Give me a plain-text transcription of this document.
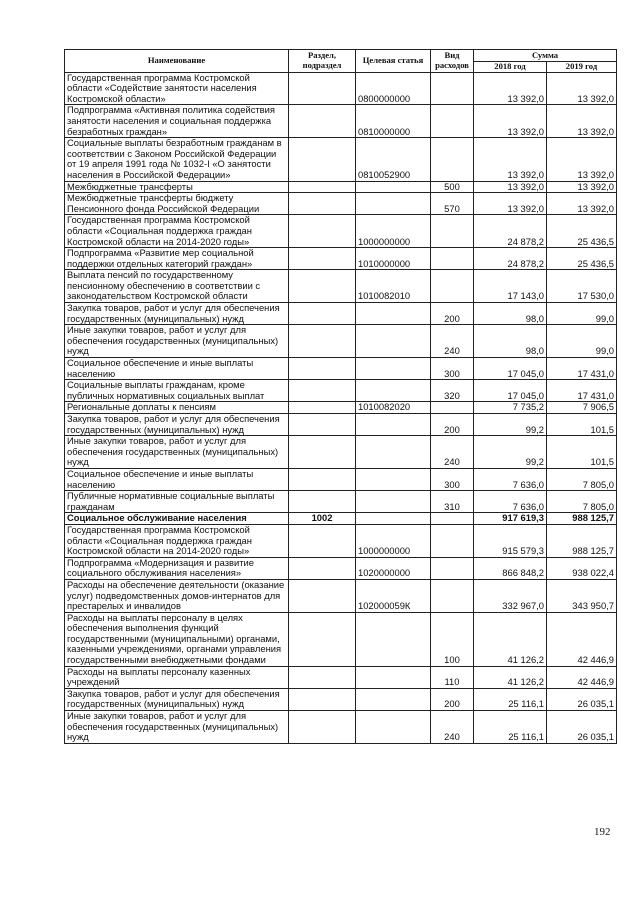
Наименование	Раздел, подраздел	Целевая статья	Вид расходов	Сумма	
				2018 год	2019 год
Государственная программа Костромской области «Содействие занятости населения Костромской области»		0800000000		13 392,0	13 392,0
Подпрограмма «Активная политика содействия занятости населения и социальная поддержка безработных граждан»		0810000000		13 392,0	13 392,0
Социальные выплаты безработным гражданам в соответствии с Законом Российской Федерации от 19 апреля 1991 года № 1032-I «О занятости населения в Российской Федерации»		0810052900		13 392,0	13 392,0
Межбюджетные трансферты			500	13 392,0	13 392,0
Межбюджетные трансферты бюджету Пенсионного фонда Российской Федерации			570	13 392,0	13 392,0
Государственная программа Костромской области «Социальная поддержка граждан Костромской области на 2014-2020 годы»		1000000000		24 878,2	25 436,5
Подпрограмма «Развитие мер социальной поддержки отдельных категорий граждан»		1010000000		24 878,2	25 436,5
Выплата пенсий по государственному пенсионному обеспечению в соответствии с законодательством Костромской области		1010082010		17 143,0	17 530,0
Закупка товаров, работ и услуг для обеспечения государственных (муниципальных) нужд			200	98,0	99,0
Иные закупки товаров, работ и услуг для обеспечения государственных (муниципальных) нужд			240	98,0	99,0
Социальное обеспечение и иные выплаты населению			300	17 045,0	17 431,0
Социальные выплаты гражданам, кроме публичных нормативных социальных выплат			320	17 045,0	17 431,0
Региональные доплаты к пенсиям		1010082020		7 735,2	7 906,5
Закупка товаров, работ и услуг для обеспечения государственных (муниципальных) нужд			200	99,2	101,5
Иные закупки товаров, работ и услуг для обеспечения государственных (муниципальных) нужд			240	99,2	101,5
Социальное обеспечение и иные выплаты населению			300	7 636,0	7 805,0
Публичные нормативные социальные выплаты гражданам			310	7 636,0	7 805,0
Социальное обслуживание населения	1002			917 619,3	988 125,7
Государственная программа Костромской области «Социальная поддержка граждан Костромской области на 2014-2020 годы»		1000000000		915 579,3	988 125,7
Подпрограмма «Модернизация и развитие социального обслуживания населения»		1020000000		866 848,2	938 022,4
Расходы на обеспечение деятельности (оказание услуг) подведомственных домов-интернатов для престарелых и инвалидов		102000059К		332 967,0	343 950,7
Расходы на выплаты персоналу в целях обеспечения выполнения функций государственными (муниципальными) органами, казенными учреждениями, органами управления государственными внебюджетными фондами			100	41 126,2	42 446,9
Расходы на выплаты персоналу казенных учреждений			110	41 126,2	42 446,9
Закупка товаров, работ и услуг для обеспечения государственных (муниципальных) нужд			200	25 116,1	26 035,1
Иные закупки товаров, работ и услуг для обеспечения государственных (муниципальных) нужд			240	25 116,1	26 035,1
192
